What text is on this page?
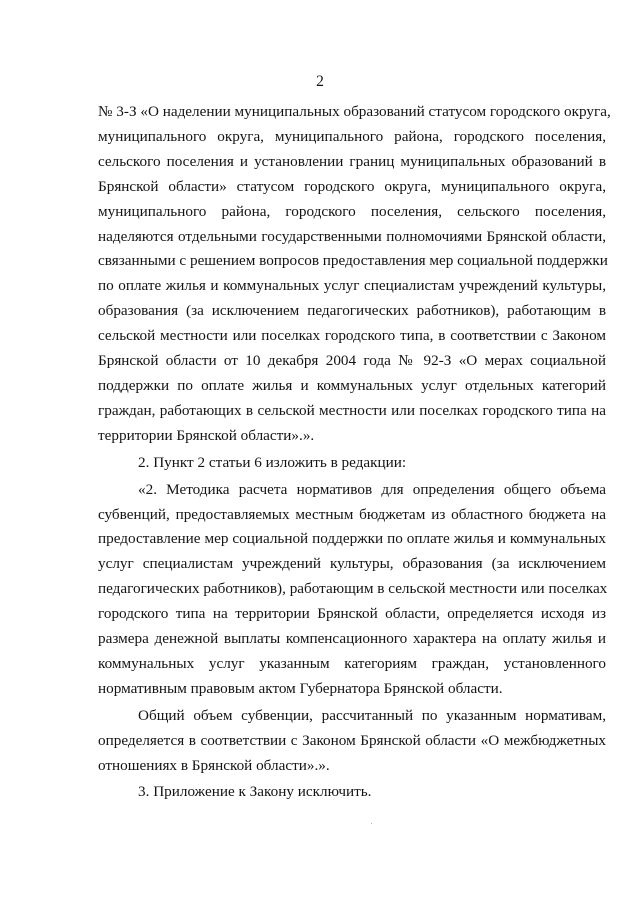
2

№ 3-З «О наделении муниципальных образований статусом городского округа,
муниципального округа, муниципального района, городского поселения,
сельского поселения и установлении границ муниципальных образований в
Брянской области» статусом городского округа, муниципального округа,
муниципального района, городского поселения, сельского поселения,
наделяются отдельными государственными полномочиями Брянской области,
связанными с решением вопросов предоставления мер социальной поддержки
по оплате жилья и коммунальных услуг специалистам учреждений культуры,
образования (за исключением педагогических работников), работающим в
сельской местности или поселках городского типа, в соответствии с Законом
Брянской области от 10 декабря 2004 года № 92-З «О мерах социальной
поддержки по оплате жилья и коммунальных услуг отдельных категорий
граждан, работающих в сельской местности или поселках городского типа на
территории Брянской области».».

2. Пункт 2 статьи 6 изложить в редакции:

«2. Методика расчета нормативов для определения общего объема
субвенций, предоставляемых местным бюджетам из областного бюджета на
предоставление мер социальной поддержки по оплате жилья и коммунальных
услуг специалистам учреждений культуры, образования (за исключением
педагогических работников), работающим в сельской местности или поселках
городского типа на территории Брянской области, определяется исходя из
размера денежной выплаты компенсационного характера на оплату жилья и
коммунальных услуг указанным категориям граждан, установленного
нормативным правовым актом Губернатора Брянской области.

Общий объем субвенции, рассчитанный по указанным нормативам,
определяется в соответствии с Законом Брянской области «О межбюджетных
отношениях в Брянской области».».

3. Приложение к Закону исключить.
